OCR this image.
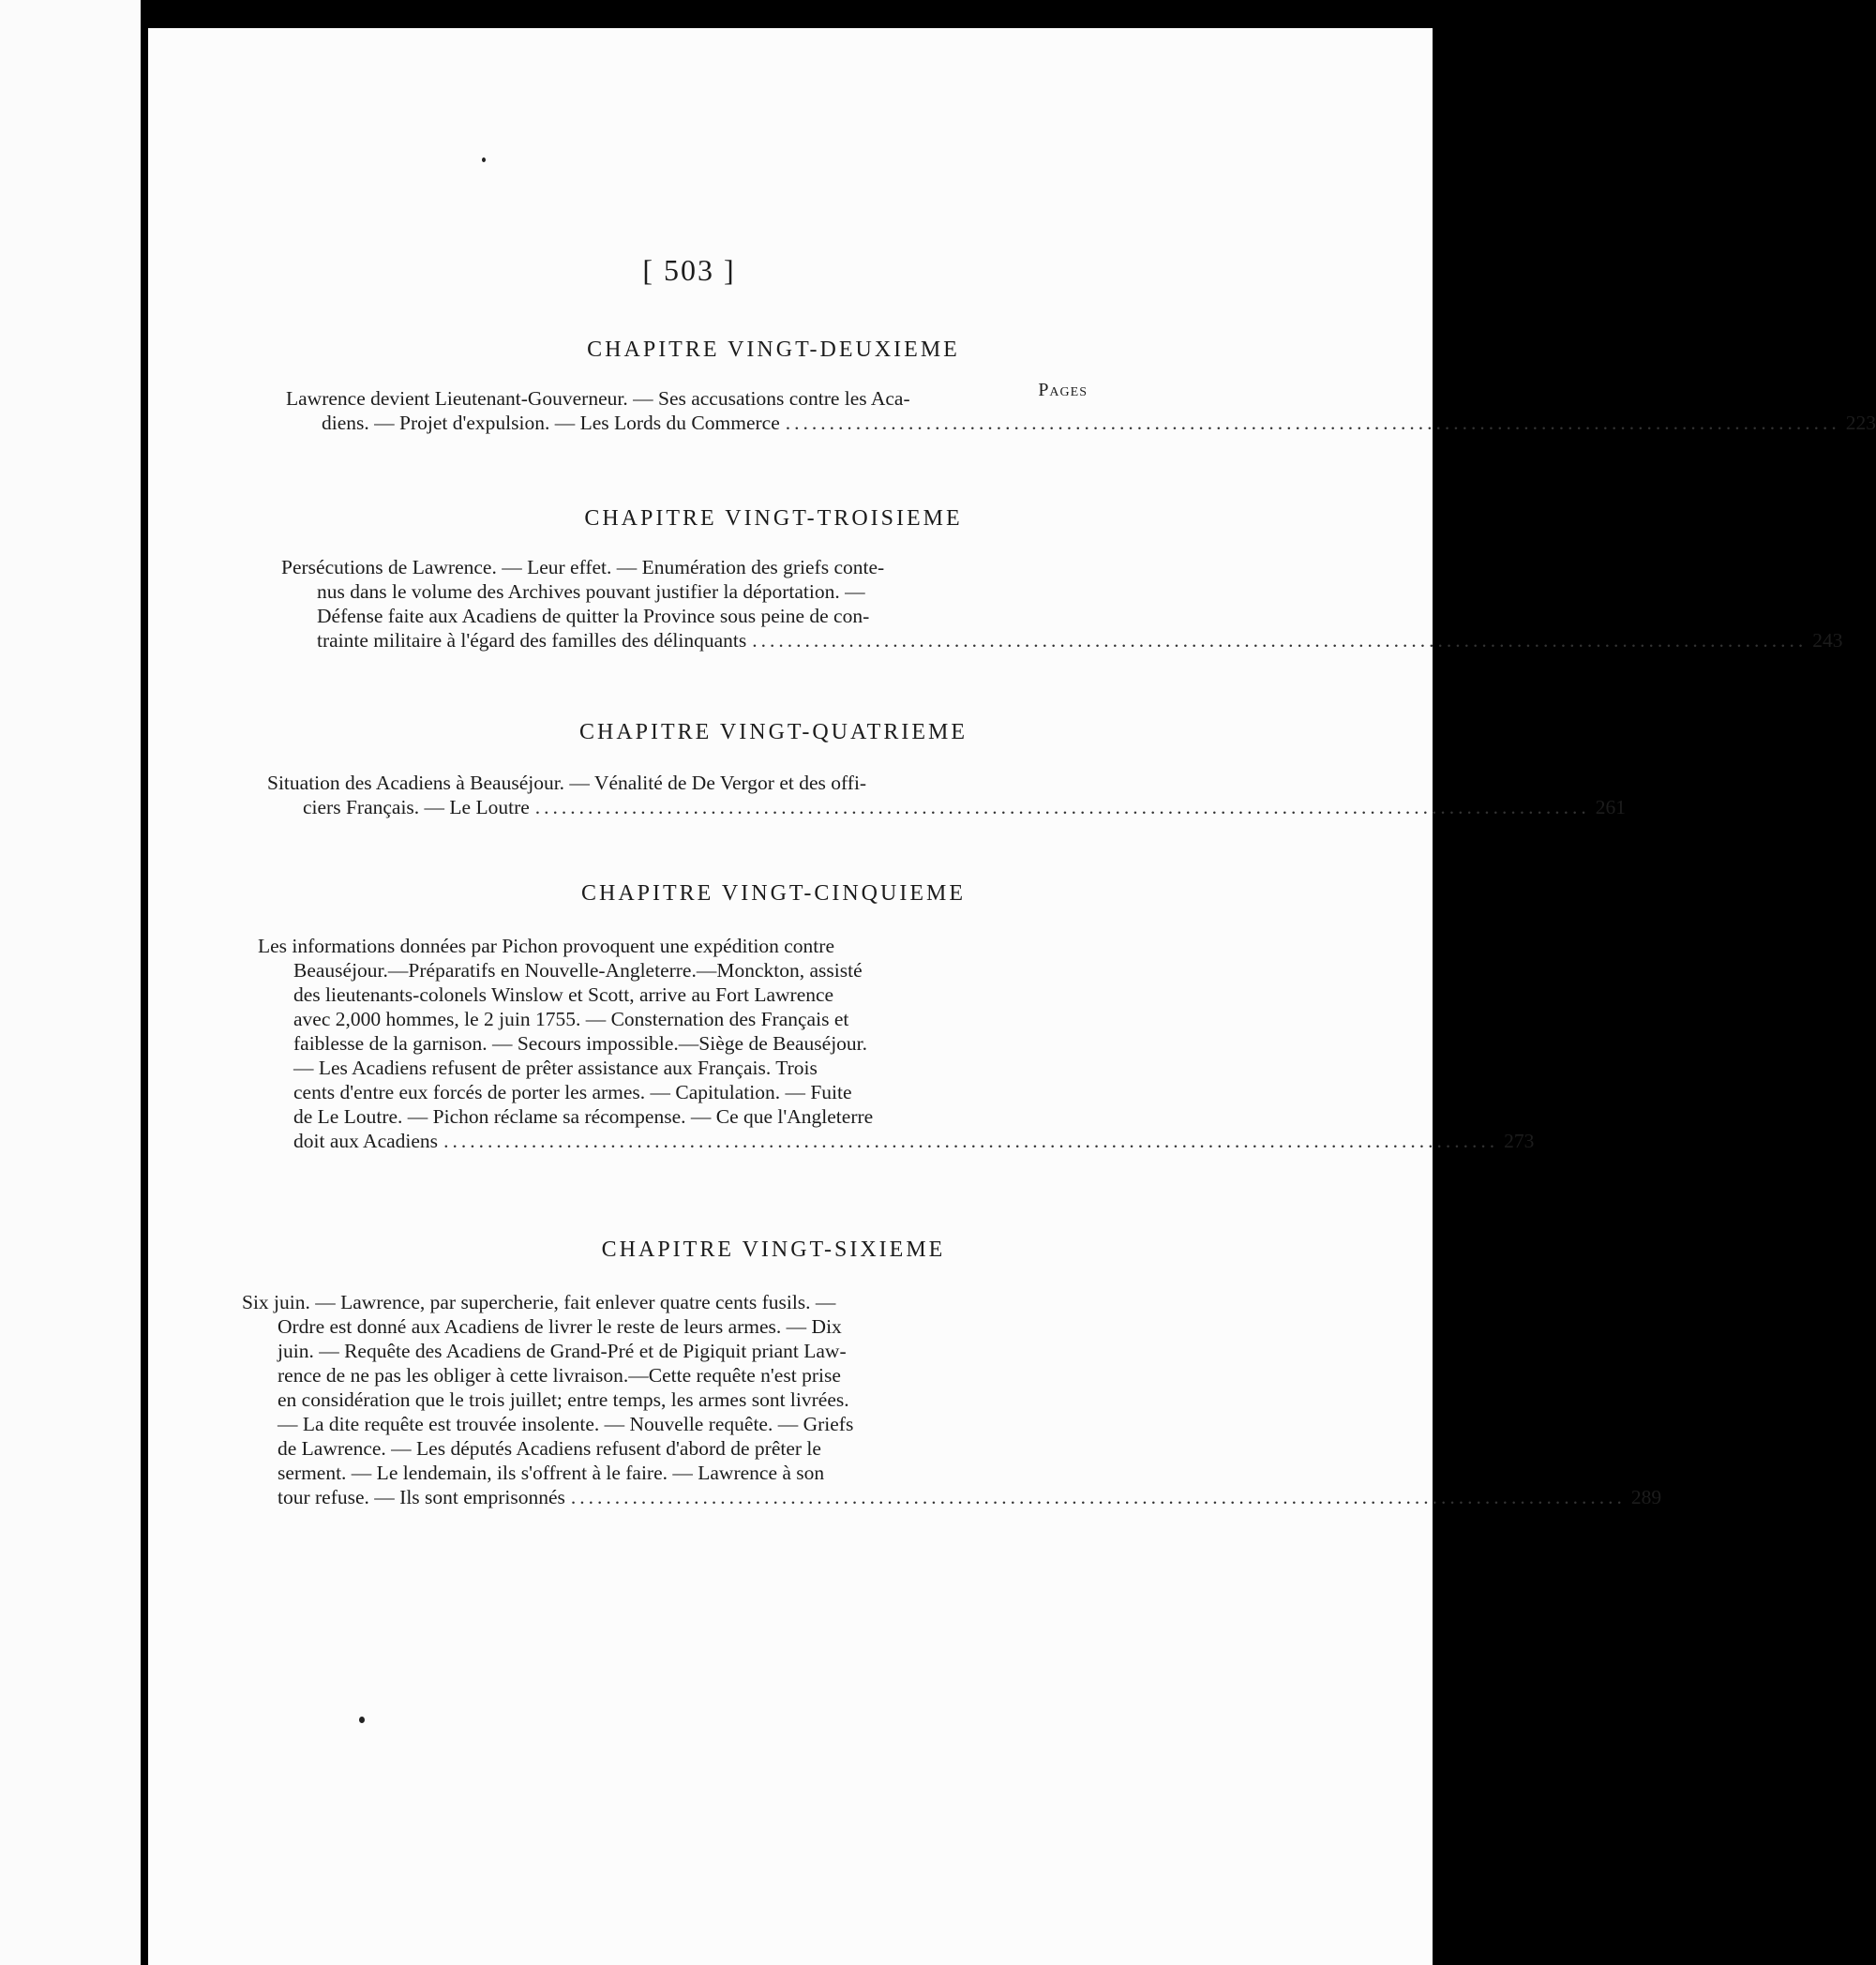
[ 503 ]
CHAPITRE VINGT-DEUXIEME
Pages
Lawrence devient Lieutenant-Gouverneur. — Ses accusations contre les Aca-
diens. — Projet d'expulsion. — Les Lords du Commerce ........................................................................................................................ 223
CHAPITRE VINGT-TROISIEME
Persécutions de Lawrence. — Leur effet. — Enumération des griefs conte-
nus dans le volume des Archives pouvant justifier la déportation. —
Défense faite aux Acadiens de quitter la Province sous peine de con-
trainte militaire à l'égard des familles des délinquants ........................................................................................................................ 243
CHAPITRE VINGT-QUATRIEME
Situation des Acadiens à Beauséjour. — Vénalité de De Vergor et des offi-
ciers Français. — Le Loutre ........................................................................................................................ 261
CHAPITRE VINGT-CINQUIEME
Les informations données par Pichon provoquent une expédition contre
Beauséjour.—Préparatifs en Nouvelle-Angleterre.—Monckton, assisté
des lieutenants-colonels Winslow et Scott, arrive au Fort Lawrence
avec 2,000 hommes, le 2 juin 1755. — Consternation des Français et
faiblesse de la garnison. — Secours impossible.—Siège de Beauséjour.
— Les Acadiens refusent de prêter assistance aux Français. Trois
cents d'entre eux forcés de porter les armes. — Capitulation. — Fuite
de Le Loutre. — Pichon réclame sa récompense. — Ce que l'Angleterre
doit aux Acadiens ........................................................................................................................ 273
CHAPITRE VINGT-SIXIEME
Six juin. — Lawrence, par supercherie, fait enlever quatre cents fusils. —
Ordre est donné aux Acadiens de livrer le reste de leurs armes. — Dix
juin. — Requête des Acadiens de Grand-Pré et de Pigiquit priant Law-
rence de ne pas les obliger à cette livraison.—Cette requête n'est prise
en considération que le trois juillet; entre temps, les armes sont livrées.
— La dite requête est trouvée insolente. — Nouvelle requête. — Griefs
de Lawrence. — Les députés Acadiens refusent d'abord de prêter le
serment. — Le lendemain, ils s'offrent à le faire. — Lawrence à son
tour refuse. — Ils sont emprisonnés ........................................................................................................................ 289
